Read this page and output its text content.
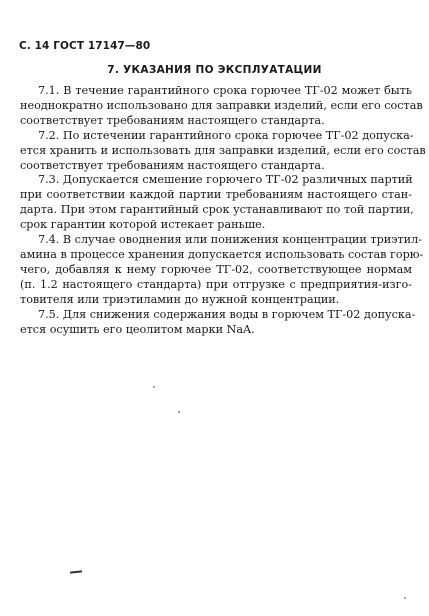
С. 14 ГОСТ 17147—80
7. УКАЗАНИЯ ПО ЭКСПЛУАТАЦИИ

7.1. В течение гарантийного срока горючее ТГ-02 может быть
неоднократно использовано для заправки изделий, если его состав
соответствует требованиям настоящего стандарта.

7.2. По истечении гарантийного срока горючее ТГ-02 допуска-
ется хранить и использовать для заправки изделий, если его состав
соответствует требованиям настоящего стандарта.

7.3. Допускается смешение горючего ТГ-02 различных партий
при соответствии каждой партии требованиям настоящего стан-
дарта. При этом гарантийный срок устанавливают по той партии,
срок гарантии которой истекает раньше.

7.4. В случае оводнения или понижения концентрации триэтил-
амина в процессе хранения допускается использовать состав горю-
чего, добавляя к нему горючее ТГ-02, соответствующее нормам
(п. 1.2 настоящего стандарта) при отгрузке с предприятия-изго-
товителя или триэтиламин до нужной концентрации.

7.5. Для снижения содержания воды в горючем ТГ-02 допуска-
ется осушить его цеолитом марки NaA.
